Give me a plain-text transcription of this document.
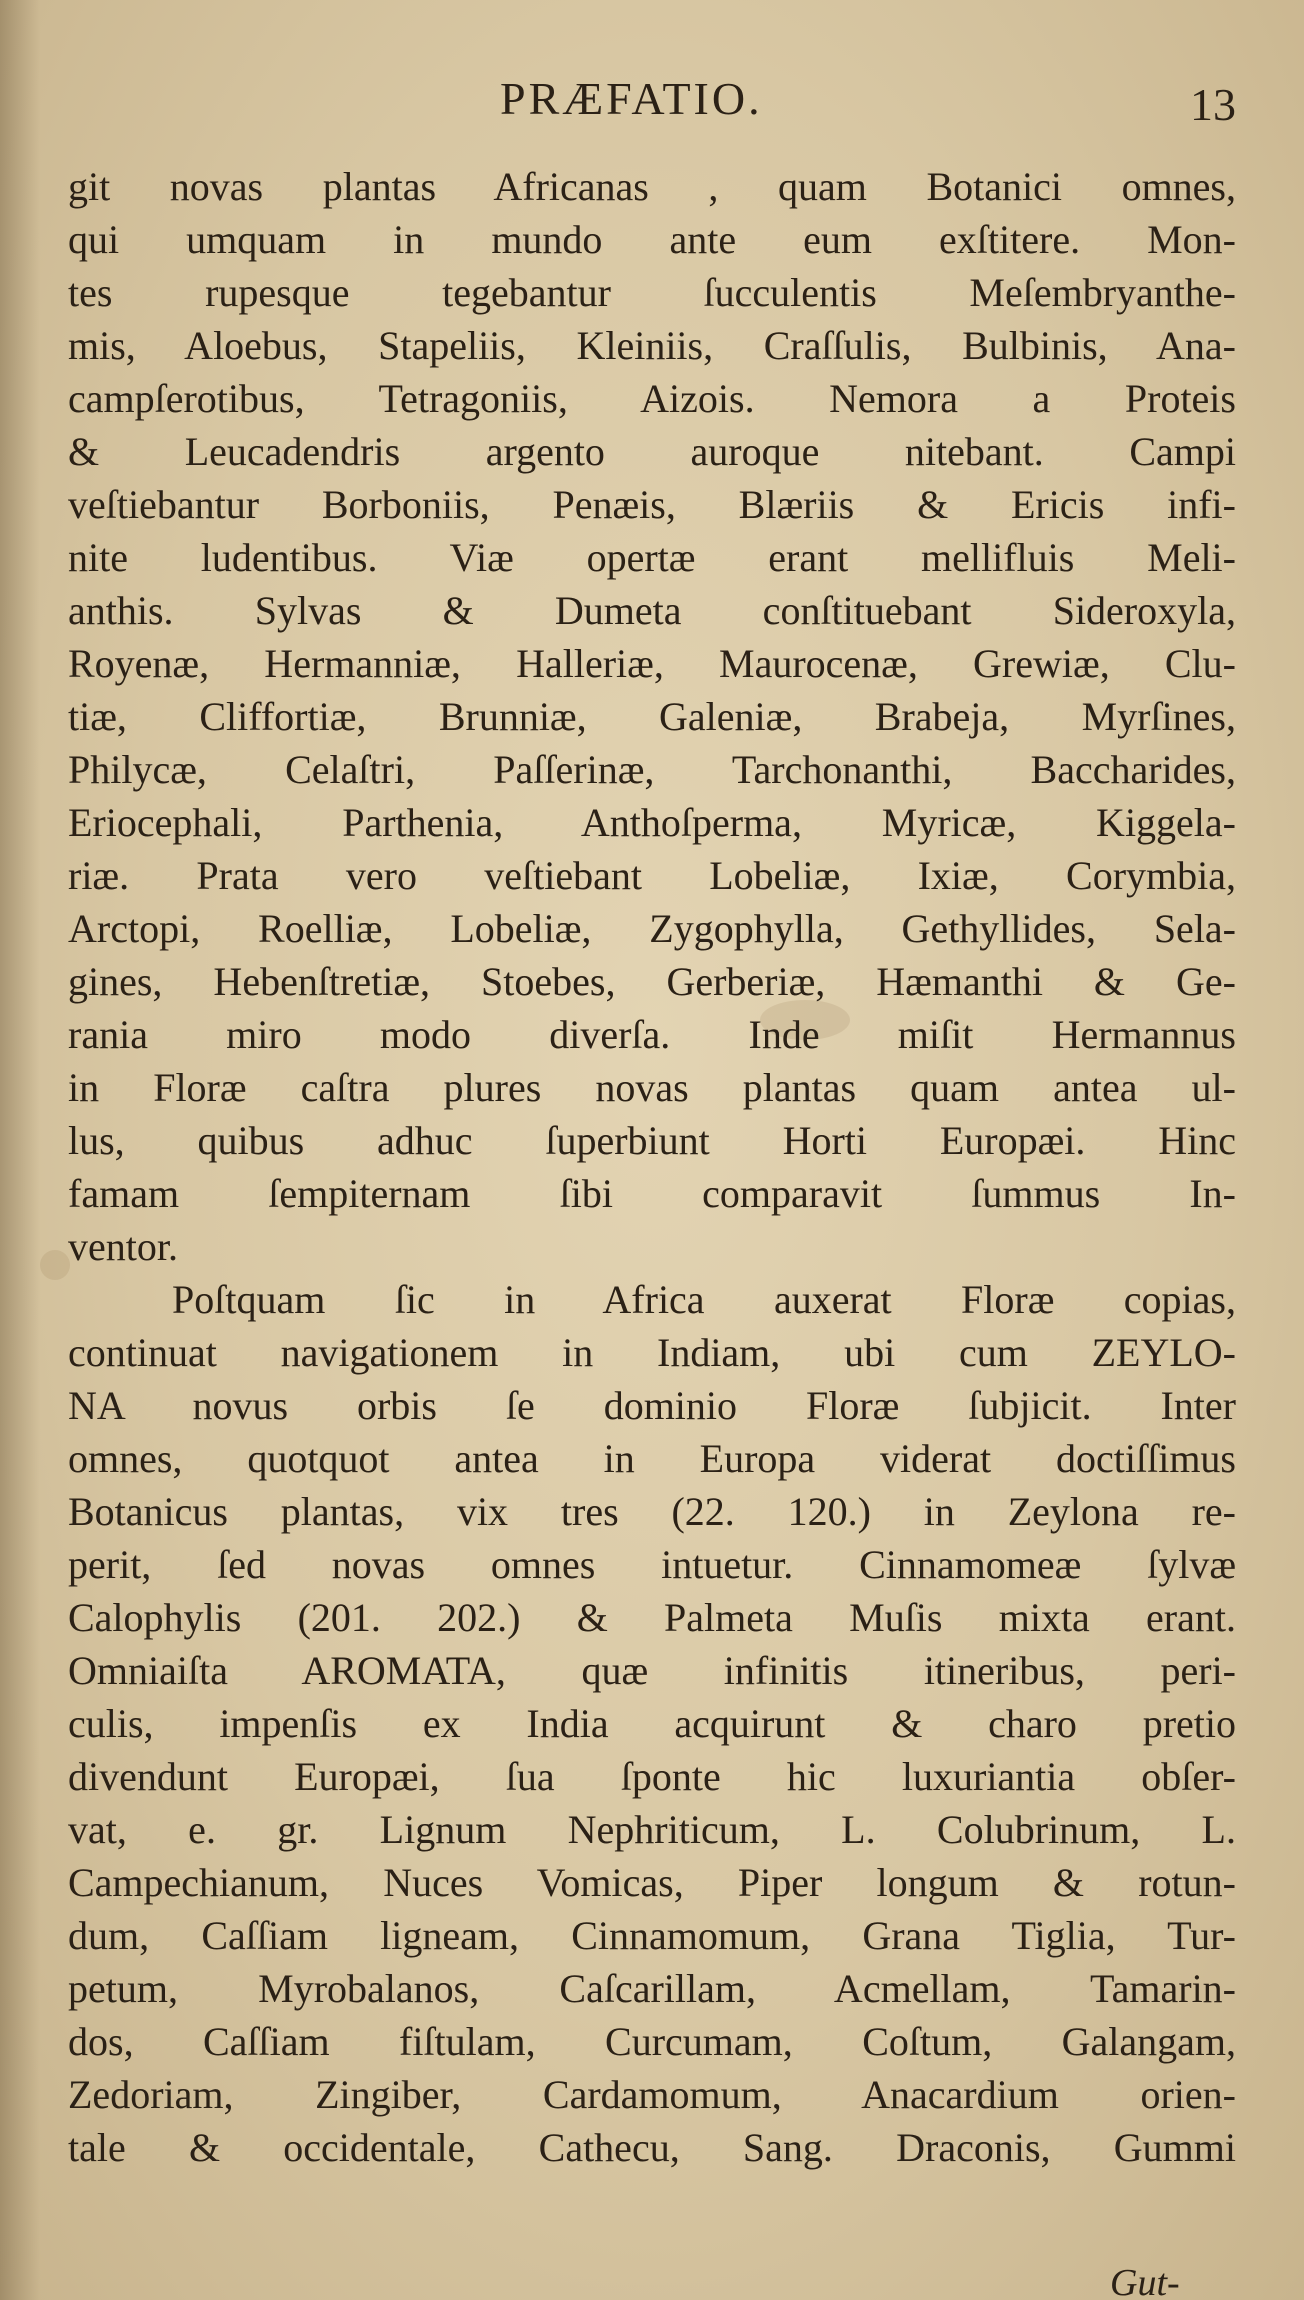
PRÆFATIO.	13
git novas plantas Africanas , quam Botanici omnes,
qui umquam in mundo ante eum exſtitere. Mon-
tes rupesque tegebantur ſucculentis Meſembryanthe-
mis, Aloebus, Stapeliis, Kleiniis, Craſſulis, Bulbinis, Ana-
campſerotibus, Tetragoniis, Aizois. Nemora a Proteis
& Leucadendris argento auroque nitebant. Campi
veſtiebantur Borboniis, Penæis, Blæriis & Ericis infi-
nite ludentibus. Viæ opertæ erant mellifluis Meli-
anthis. Sylvas & Dumeta conſtituebant Sideroxyla,
Royenæ, Hermanniæ, Halleriæ, Maurocenæ, Grewiæ, Clu-
tiæ, Cliffortiæ, Brunniæ, Galeniæ, Brabeja, Myrſines,
Philycæ, Celaſtri, Paſſerinæ, Tarchonanthi, Baccharides,
Eriocephali, Parthenia, Anthoſperma, Myricæ, Kiggela-
riæ. Prata vero veſtiebant Lobeliæ, Ixiæ, Corymbia,
Arctopi, Roelliæ, Lobeliæ, Zygophylla, Gethyllides, Sela-
gines, Hebenſtretiæ, Stoebes, Gerberiæ, Hæmanthi & Ge-
rania miro modo diverſa. Inde miſit Hermannus
in Floræ caſtra plures novas plantas quam antea ul-
lus, quibus adhuc ſuperbiunt Horti Europæi. Hinc
famam ſempiternam ſibi comparavit ſummus In-
ventor.
Poſtquam ſic in Africa auxerat Floræ copias,
continuat navigationem in Indiam, ubi cum ZEYLO-
NA novus orbis ſe dominio Floræ ſubjicit. Inter
omnes, quotquot antea in Europa viderat doctiſſimus
Botanicus plantas, vix tres (22. 120.) in Zeylona re-
perit, ſed novas omnes intuetur. Cinnamomeæ ſylvæ
Calophylis (201. 202.) & Palmeta Muſis mixta erant.
Omniaiſta AROMATA, quæ infinitis itineribus, peri-
culis, impenſis ex India acquirunt & charo pretio
divendunt Europæi, ſua ſponte hic luxuriantia obſer-
vat, e. gr. Lignum Nephriticum, L. Colubrinum, L.
Campechianum, Nuces Vomicas, Piper longum & rotun-
dum, Caſſiam ligneam, Cinnamomum, Grana Tiglia, Tur-
petum, Myrobalanos, Caſcarillam, Acmellam, Tamarin-
dos, Caſſiam fiſtulam, Curcumam, Coſtum, Galangam,
Zedoriam, Zingiber, Cardamomum, Anacardium orien-
tale & occidentale, Cathecu, Sang. Draconis, Gummi
Gut-
